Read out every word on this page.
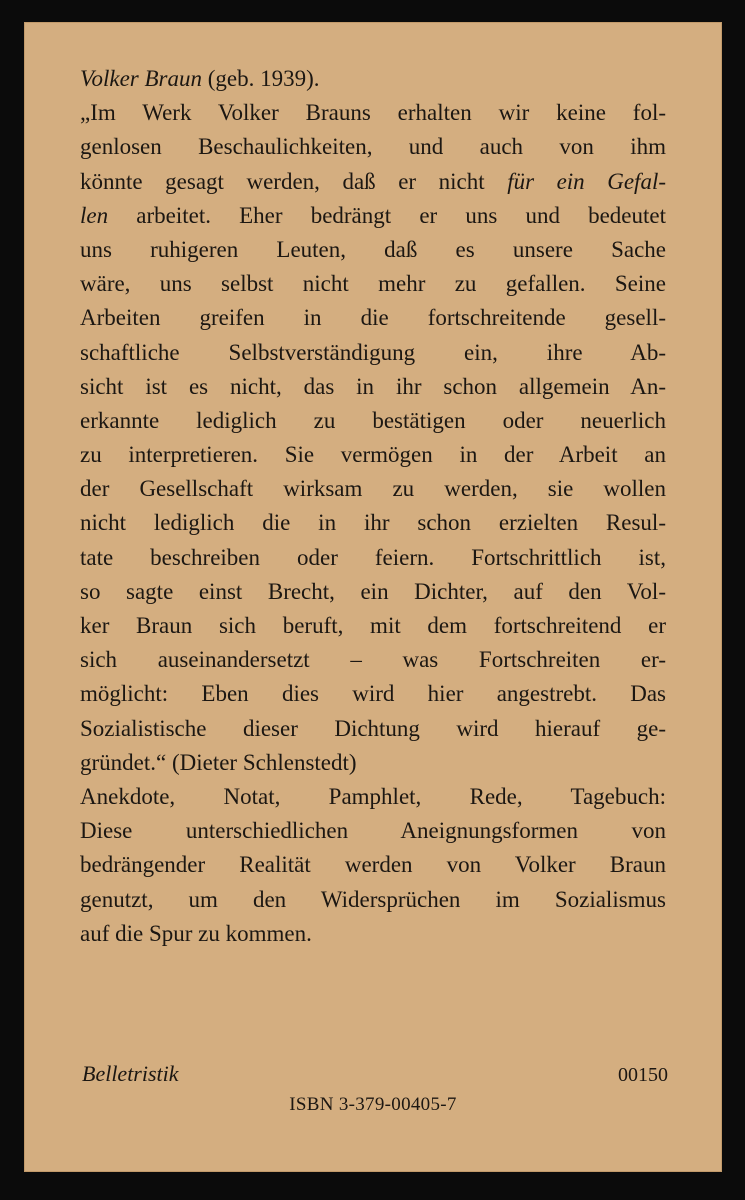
Volker Braun (geb. 1939).
„Im Werk Volker Brauns erhalten wir keine fol-
genlosen Beschaulichkeiten, und auch von ihm
könnte gesagt werden, daß er nicht für ein Gefal-
len arbeitet. Eher bedrängt er uns und bedeutet
uns ruhigeren Leuten, daß es unsere Sache
wäre, uns selbst nicht mehr zu gefallen. Seine
Arbeiten greifen in die fortschreitende gesell-
schaftliche Selbstverständigung ein, ihre Ab-
sicht ist es nicht, das in ihr schon allgemein An-
erkannte lediglich zu bestätigen oder neuerlich
zu interpretieren. Sie vermögen in der Arbeit an
der Gesellschaft wirksam zu werden, sie wollen
nicht lediglich die in ihr schon erzielten Resul-
tate beschreiben oder feiern. Fortschrittlich ist,
so sagte einst Brecht, ein Dichter, auf den Vol-
ker Braun sich beruft, mit dem fortschreitend er
sich auseinandersetzt – was Fortschreiten er-
möglicht: Eben dies wird hier angestrebt. Das
Sozialistische dieser Dichtung wird hierauf ge-
gründet.“ (Dieter Schlenstedt)
Anekdote, Notat, Pamphlet, Rede, Tagebuch:
Diese unterschiedlichen Aneignungsformen von
bedrängender Realität werden von Volker Braun
genutzt, um den Widersprüchen im Sozialismus
auf die Spur zu kommen.
Belletristik	00150
ISBN 3-379-00405-7
